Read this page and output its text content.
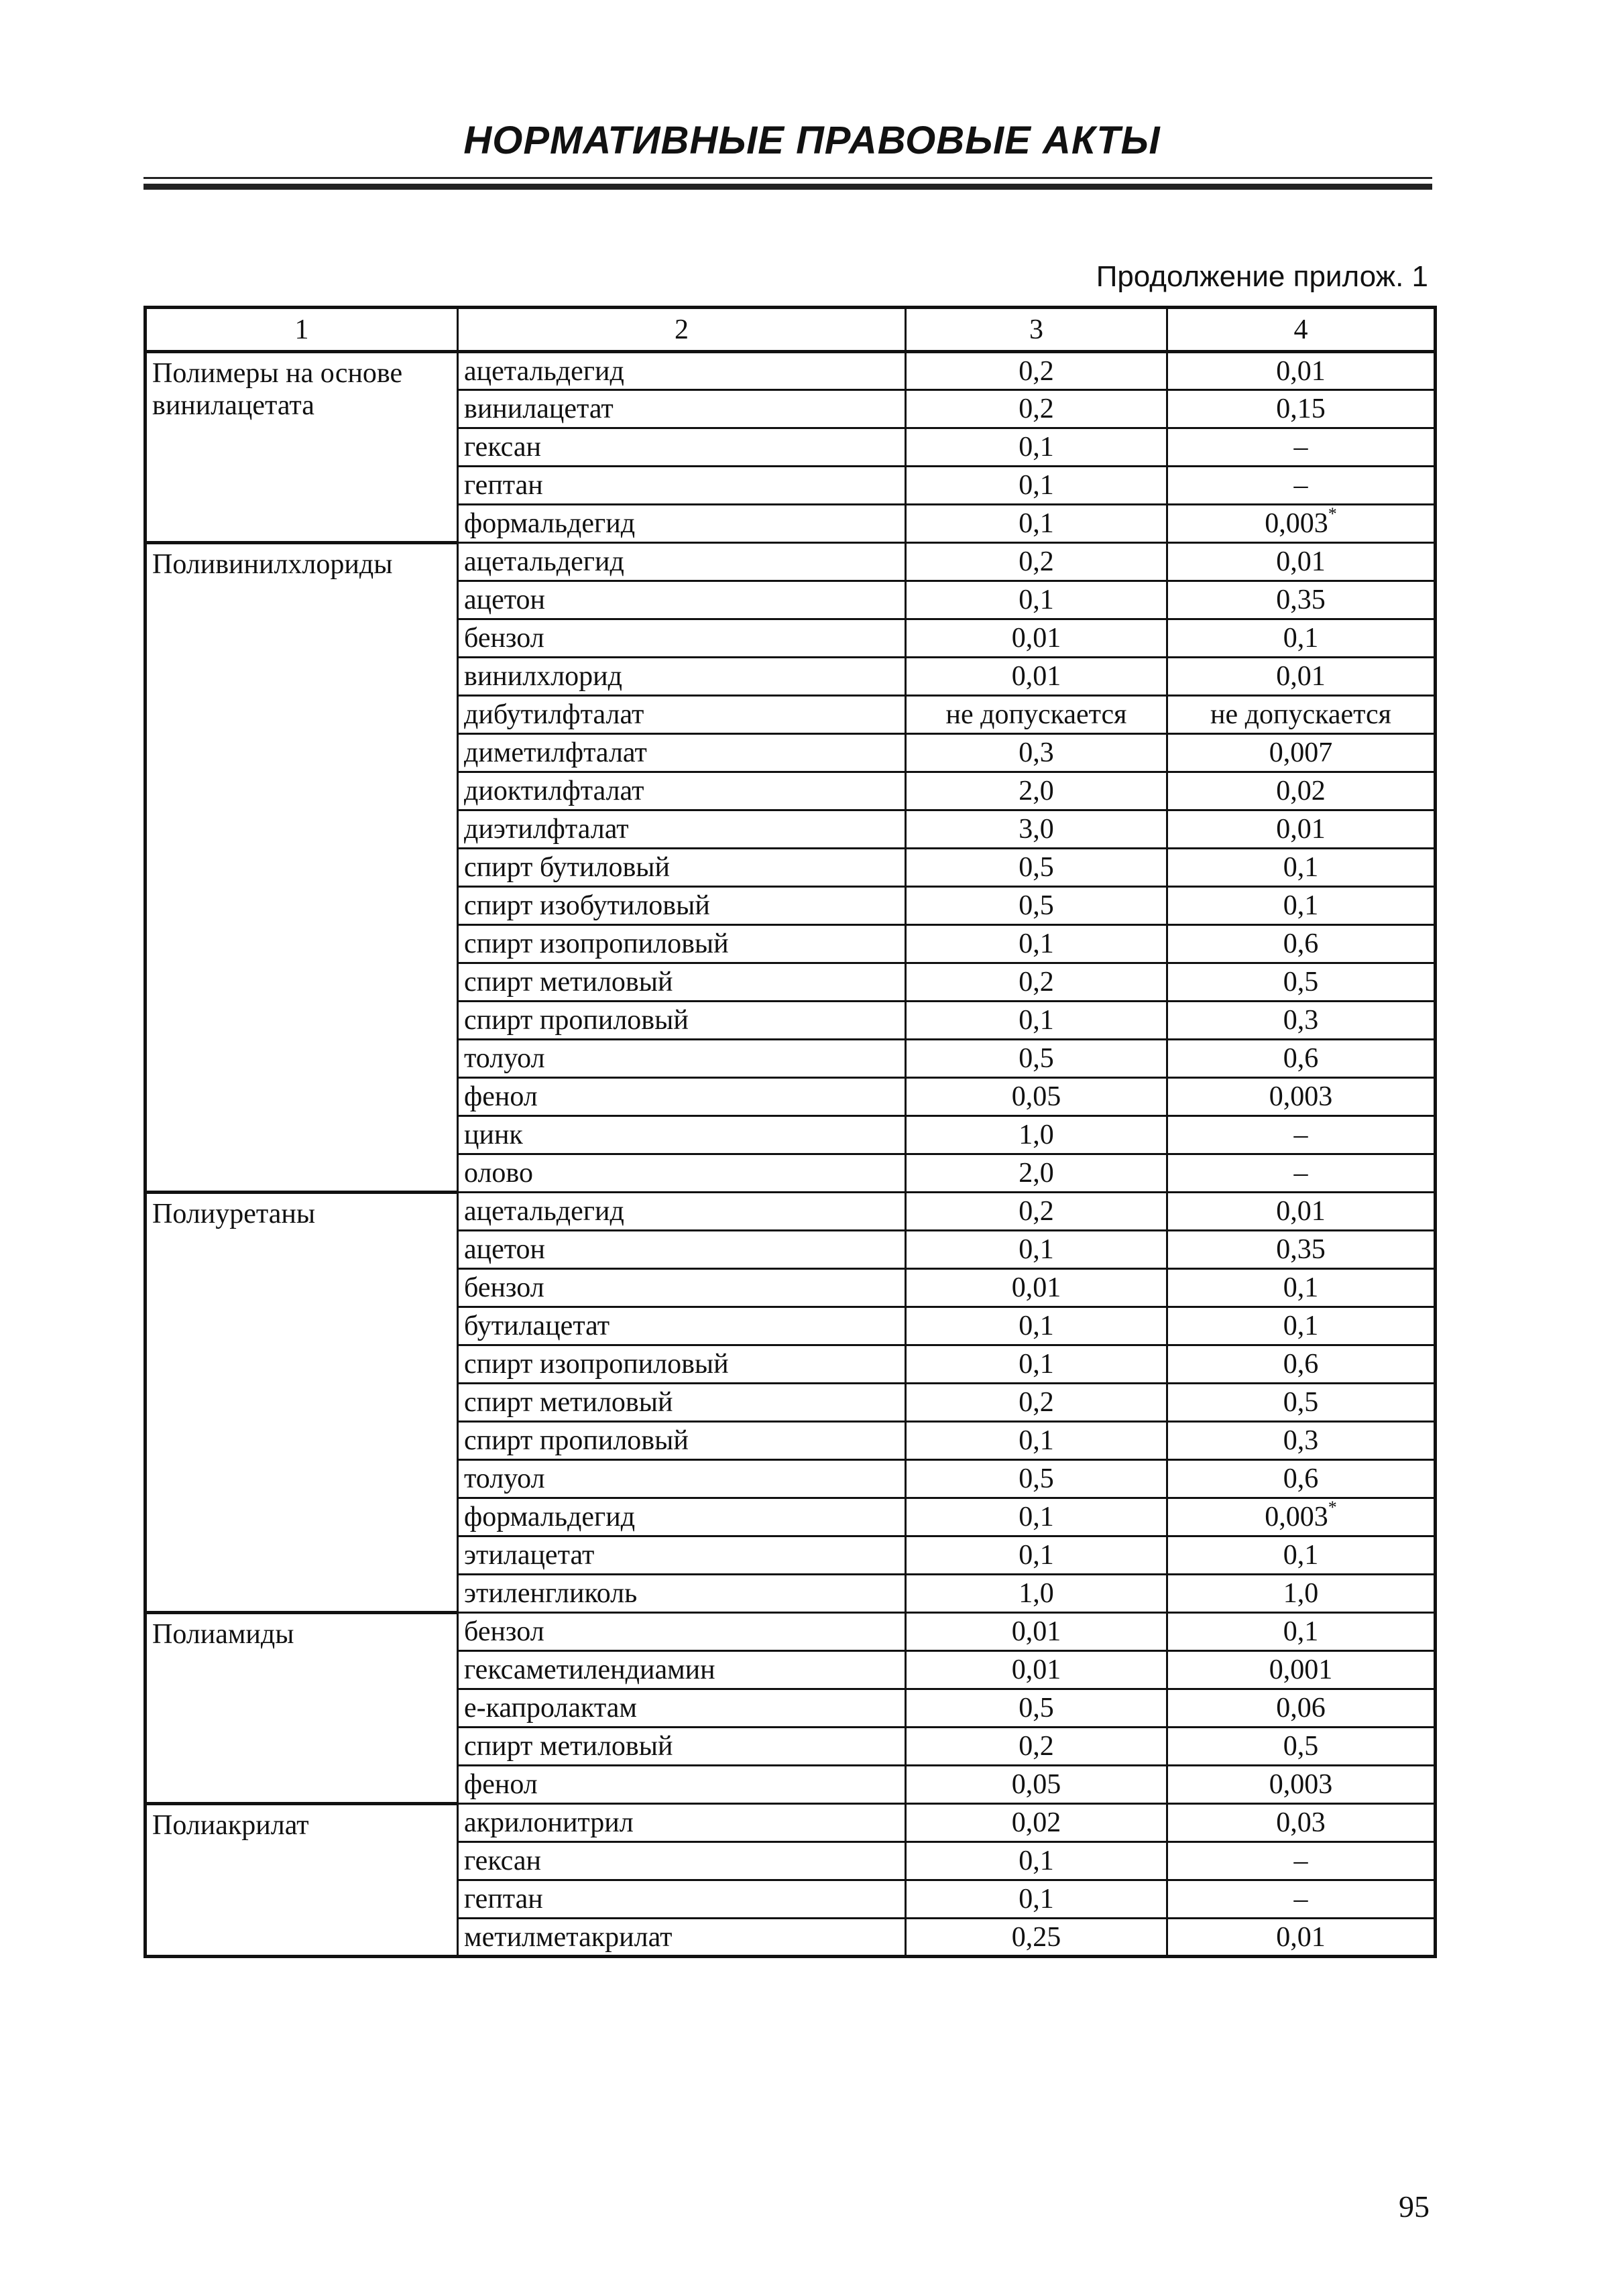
НОРМАТИВНЫЕ ПРАВОВЫЕ АКТЫ
Продолжение прилож. 1
1	2	3	4
Полимеры на основе винилацетата	ацетальдегид	0,2	0,01
	винилацетат	0,2	0,15
	гексан	0,1	–
	гептан	0,1	–
	формальдегид	0,1	0,003*
Поливинилхлориды	ацетальдегид	0,2	0,01
	ацетон	0,1	0,35
	бензол	0,01	0,1
	винилхлорид	0,01	0,01
	дибутилфталат	не допускается	не допускается
	диметилфталат	0,3	0,007
	диоктилфталат	2,0	0,02
	диэтилфталат	3,0	0,01
	спирт бутиловый	0,5	0,1
	спирт изобутиловый	0,5	0,1
	спирт изопропиловый	0,1	0,6
	спирт метиловый	0,2	0,5
	спирт пропиловый	0,1	0,3
	толуол	0,5	0,6
	фенол	0,05	0,003
	цинк	1,0	–
	олово	2,0	–
Полиуретаны	ацетальдегид	0,2	0,01
	ацетон	0,1	0,35
	бензол	0,01	0,1
	бутилацетат	0,1	0,1
	спирт изопропиловый	0,1	0,6
	спирт метиловый	0,2	0,5
	спирт пропиловый	0,1	0,3
	толуол	0,5	0,6
	формальдегид	0,1	0,003*
	этилацетат	0,1	0,1
	этиленгликоль	1,0	1,0
Полиамиды	бензол	0,01	0,1
	гексаметилендиамин	0,01	0,001
	е-капролактам	0,5	0,06
	спирт метиловый	0,2	0,5
	фенол	0,05	0,003
Полиакрилат	акрилонитрил	0,02	0,03
	гексан	0,1	–
	гептан	0,1	–
	метилметакрилат	0,25	0,01
95
